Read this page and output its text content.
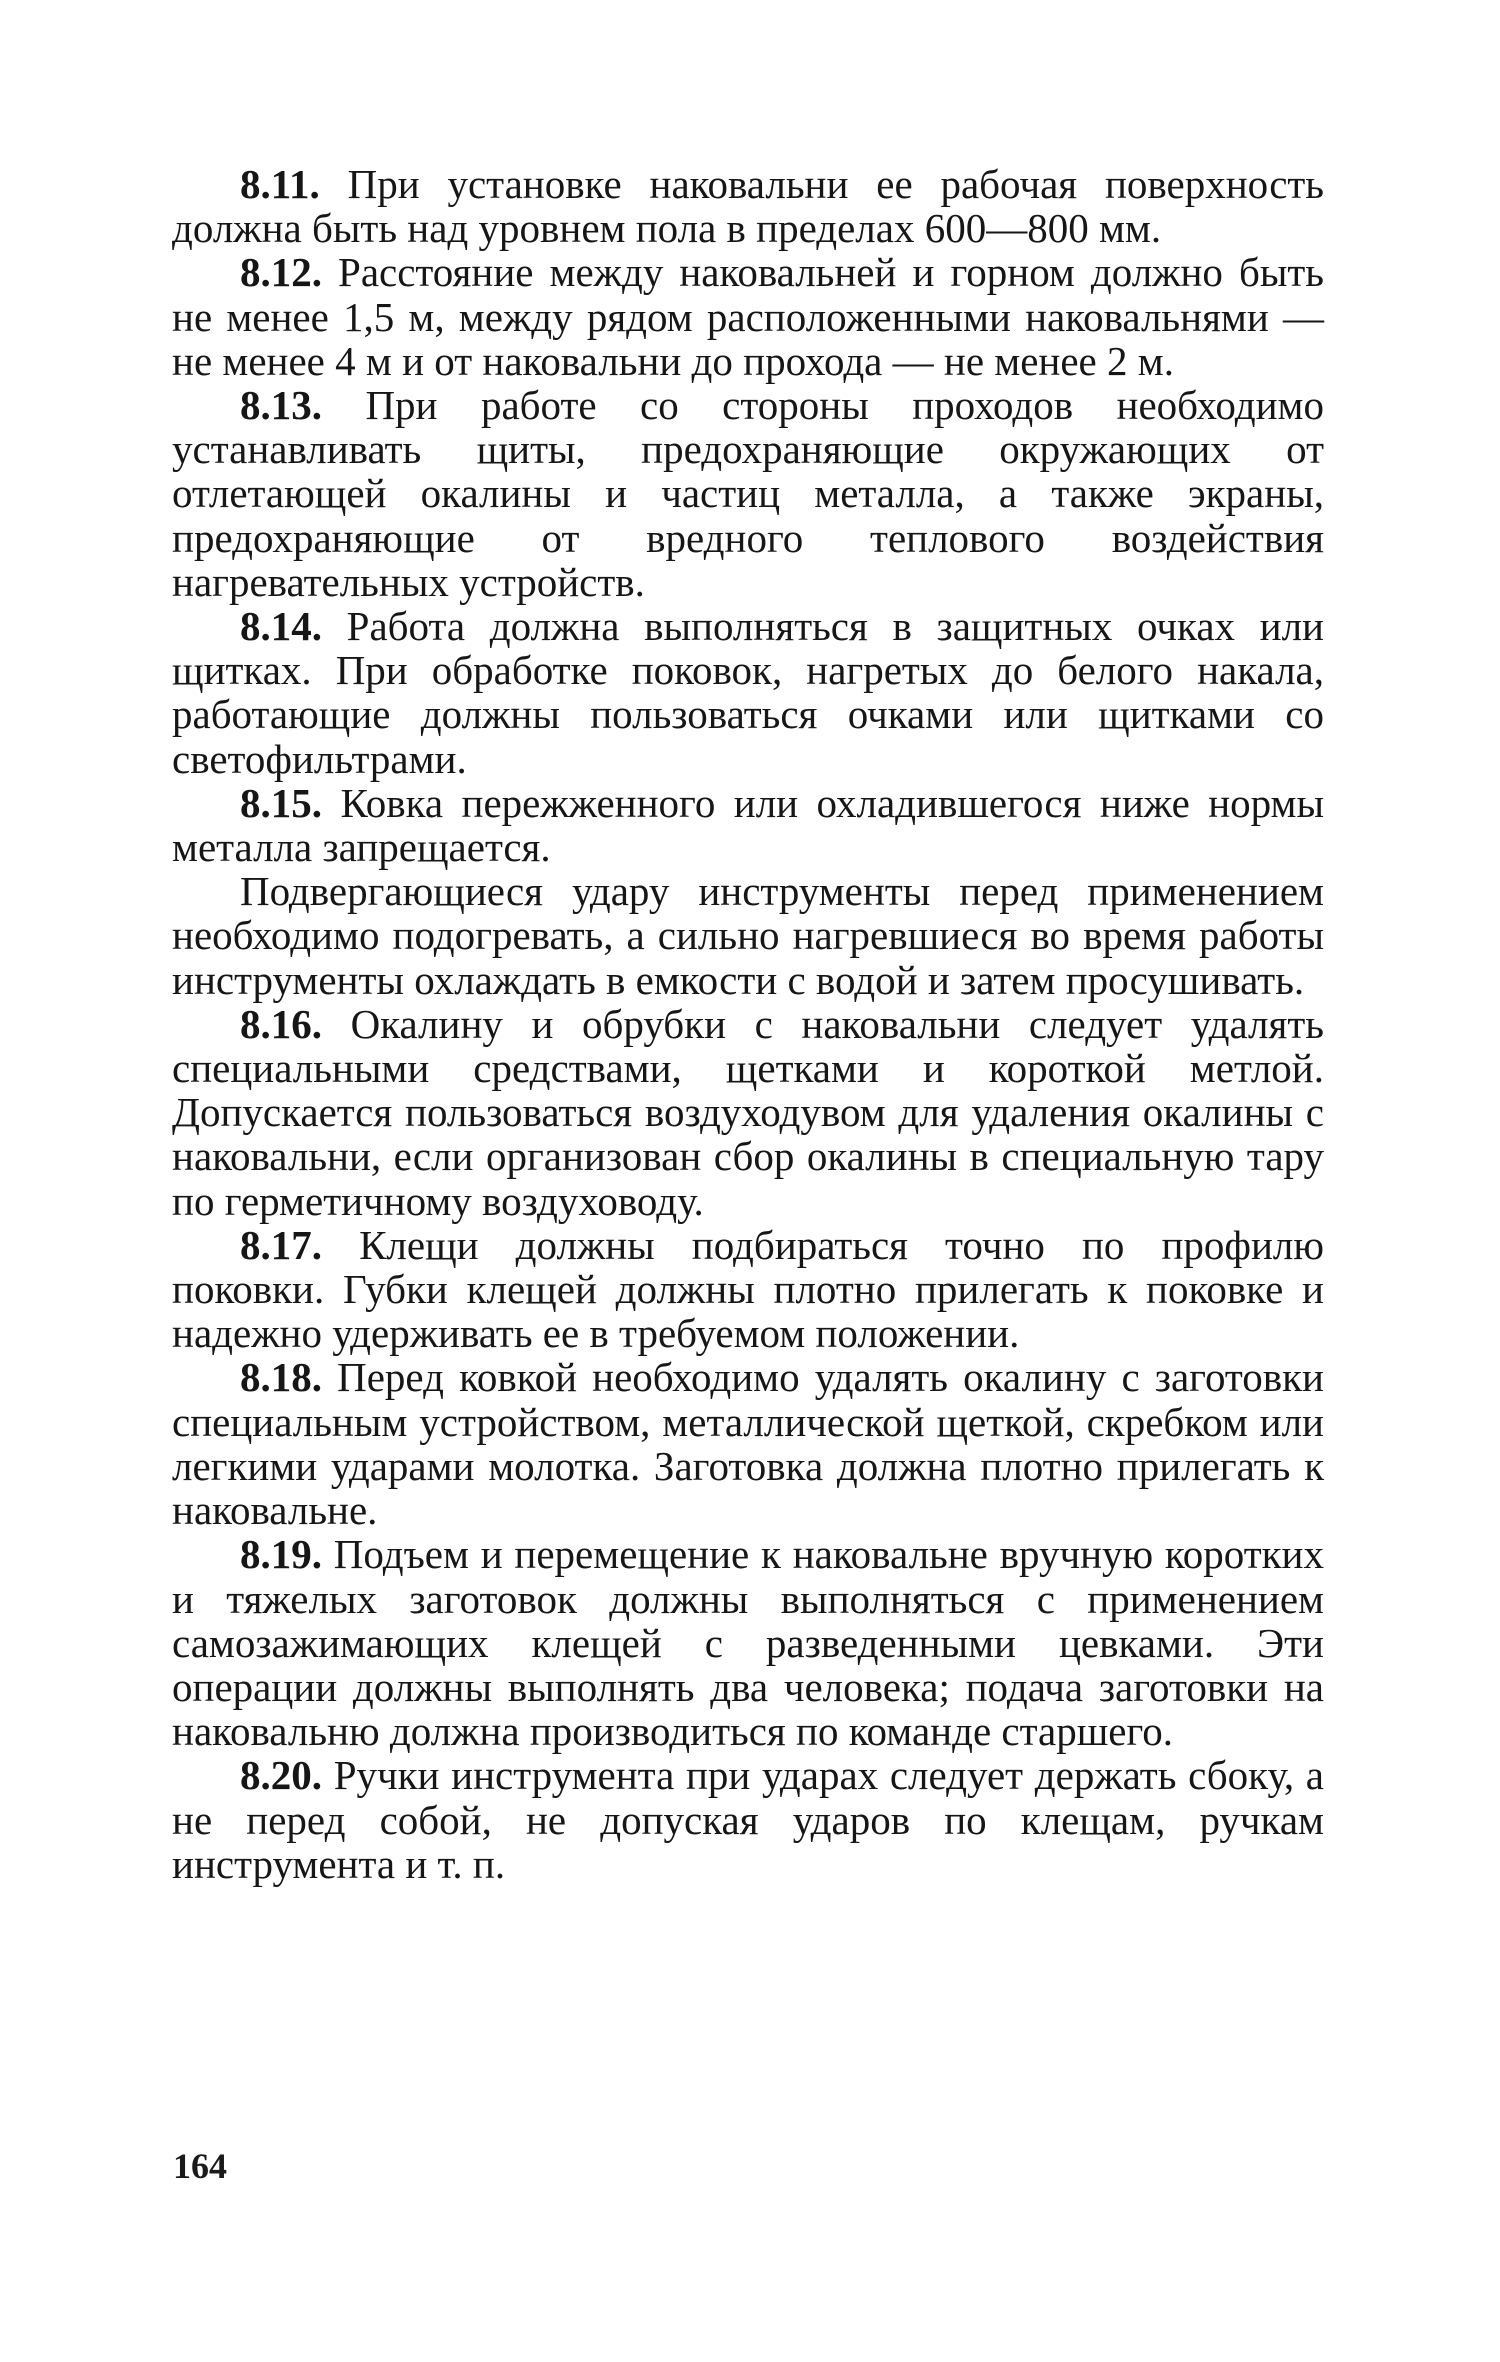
8.11. При установке наковальни ее рабочая поверхность должна быть над уровнем пола в пределах 600—800 мм.

8.12. Расстояние между наковальней и горном должно быть не менее 1,5 м, между рядом расположенными наковальнями — не менее 4 м и от наковальни до прохода — не менее 2 м.

8.13. При работе со стороны проходов необходимо устанавливать щиты, предохраняющие окружающих от отлетающей окалины и частиц металла, а также экраны, предохраняющие от вредного теплового воздействия нагревательных устройств.

8.14. Работа должна выполняться в защитных очках или щитках. При обработке поковок, нагретых до белого накала, работающие должны пользоваться очками или щитками со светофильтрами.

8.15. Ковка пережженного или охладившегося ниже нормы металла запрещается.

Подвергающиеся удару инструменты перед применением необходимо подогревать, а сильно нагревшиеся во время работы инструменты охлаждать в емкости с водой и затем просушивать.

8.16. Окалину и обрубки с наковальни следует удалять специальными средствами, щетками и короткой метлой. Допускается пользоваться воздуходувом для удаления окалины с наковальни, если организован сбор окалины в специальную тару по герметичному воздуховоду.

8.17. Клещи должны подбираться точно по профилю поковки. Губки клещей должны плотно прилегать к поковке и надежно удерживать ее в требуемом положении.

8.18. Перед ковкой необходимо удалять окалину с заготовки специальным устройством, металлической щеткой, скребком или легкими ударами молотка. Заготовка должна плотно прилегать к наковальне.

8.19. Подъем и перемещение к наковальне вручную коротких и тяжелых заготовок должны выполняться с применением самозажимающих клещей с разведенными цевками. Эти операции должны выполнять два человека; подача заготовки на наковальню должна производиться по команде старшего.

8.20. Ручки инструмента при ударах следует держать сбоку, а не перед собой, не допуская ударов по клещам, ручкам инструмента и т. п.

164
